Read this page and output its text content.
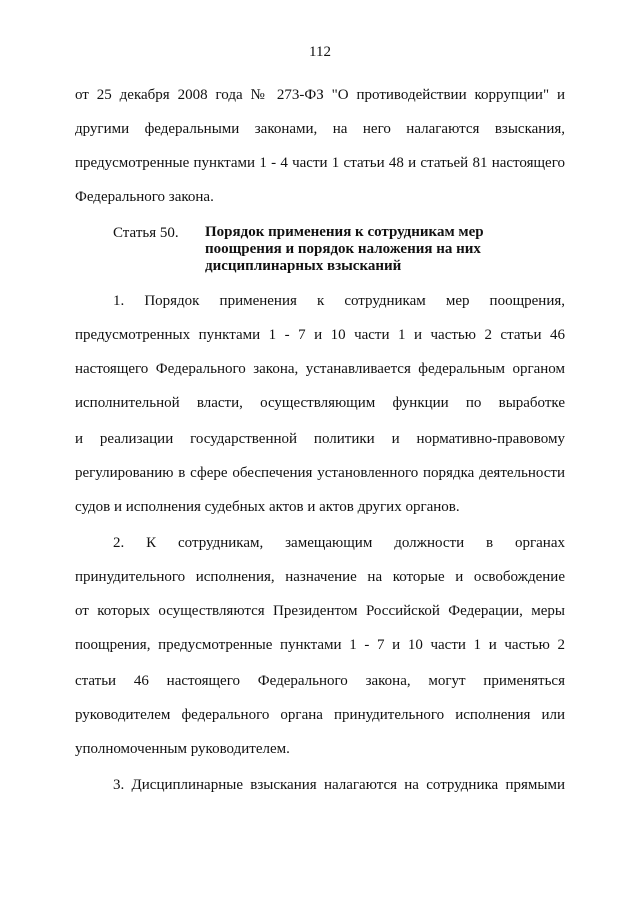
112
от 25 декабря 2008 года № 273-ФЗ "О противодействии коррупции" и
другими федеральными законами, на него налагаются взыскания,
предусмотренные пунктами 1 - 4 части 1 статьи 48 и статьей 81 настоящего
Федерального закона.
Статья 50. Порядок применения к сотрудникам мер
поощрения и порядок наложения на них
дисциплинарных взысканий
1. Порядок применения к сотрудникам мер поощрения,
предусмотренных пунктами 1 - 7 и 10 части 1 и частью 2 статьи 46
настоящего Федерального закона, устанавливается федеральным органом
исполнительной власти, осуществляющим функции по выработке
и реализации государственной политики и нормативно-правовому
регулированию в сфере обеспечения установленного порядка деятельности
судов и исполнения судебных актов и актов других органов.
2. К сотрудникам, замещающим должности в органах
принудительного исполнения, назначение на которые и освобождение
от которых осуществляются Президентом Российской Федерации, меры
поощрения, предусмотренные пунктами 1 - 7 и 10 части 1 и частью 2
статьи 46 настоящего Федерального закона, могут применяться
руководителем федерального органа принудительного исполнения или
уполномоченным руководителем.
3. Дисциплинарные взыскания налагаются на сотрудника прямыми
